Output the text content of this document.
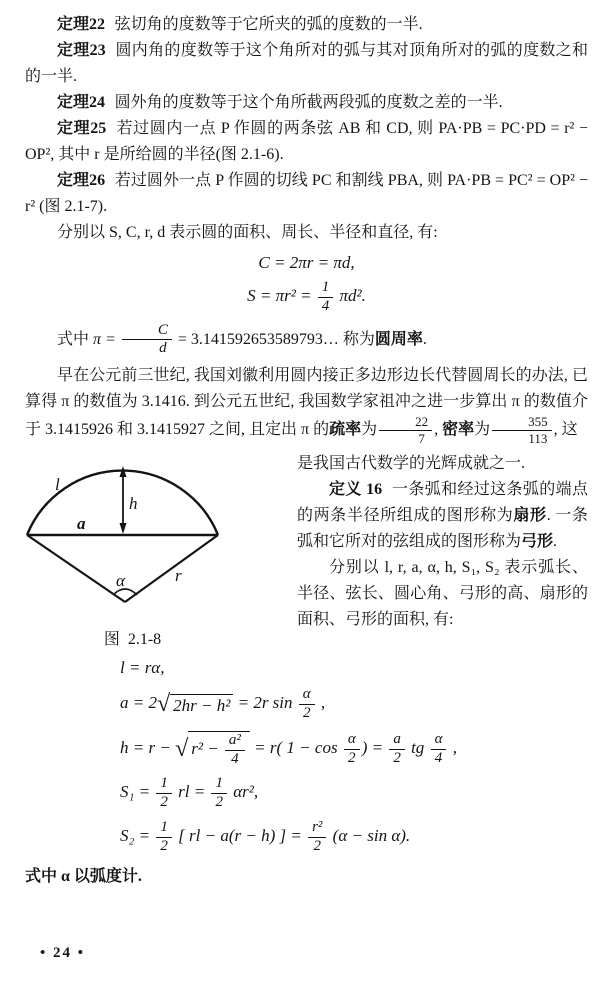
定理22 弦切角的度数等于它所夹的弧的度数的一半.

定理23 圆内角的度数等于这个角所对的弧与其对顶角所对的弧的度数之和的一半.

定理24 圆外角的度数等于这个角所截两段弧的度数之差的一半.

定理25 若过圆内一点 P 作圆的两条弦 AB 和 CD, 则 PA·PB = PC·PD = r² − OP², 其中 r 是所给圆的半径(图 2.1-6).

定理26 若过圆外一点 P 作圆的切线 PC 和割线 PBA, 则 PA·PB = PC² = OP² − r² (图 2.1-7).

分别以 S, C, r, d 表示圆的面积、周长、半径和直径, 有:

C = 2πr = πd,
$S = \pi r^2 = \frac{1}{4} \pi d^2$.

式中 $\pi = \frac{C}{d}$ = 3.141592653589793… 称为圆周率.

早在公元前三世纪, 我国刘徽利用圆内接正多边形边长代替圆周长的办法, 已算得 π 的数值为 3.1416. 到公元五世纪, 我国数学家祖冲之进一步算出 π 的数值介于 3.1415926 和 3.1415927 之间, 且定出 π 的疏率为 $\frac{22}{7}$ , 密率为 $\frac{355}{113}$ , 这

l
a
h
r
α
图  2.1-8

是我国古代数学的光辉成就之一.

定义 16 一条弧和经过这条弧的端点的两条半径所组成的图形称为扇形. 一条弧和它所对的弦组成的图形称为弓形.

分别以 l, r, a, α, h, S₁, S₂ 表示弧长、半径、弦长、圆心角、弓形的高、扇形的面积、弓形的面积, 有:

l = rα,
a = 2√ 2hr − h² = 2r $\sin \frac{\alpha}{2}$ ,
h = r − √ $r^2 - \frac{\text{a²}}{4} = r$( $1 - \cos \frac{\alpha}{2}$ ) = $\frac{a}{2}$ tg $\frac{\alpha}{4}$ ,
$S_1 = \frac{1}{2}$ rl = $\frac{1}{2} \alpha r^2$,
$S_2 = \frac{1}{2}$ [ rl − a(r − h) ] = $\frac{\text{r²}}{2} (\alpha - \sin \alpha)$.

式中 α 以弧度计.

• 24 •
